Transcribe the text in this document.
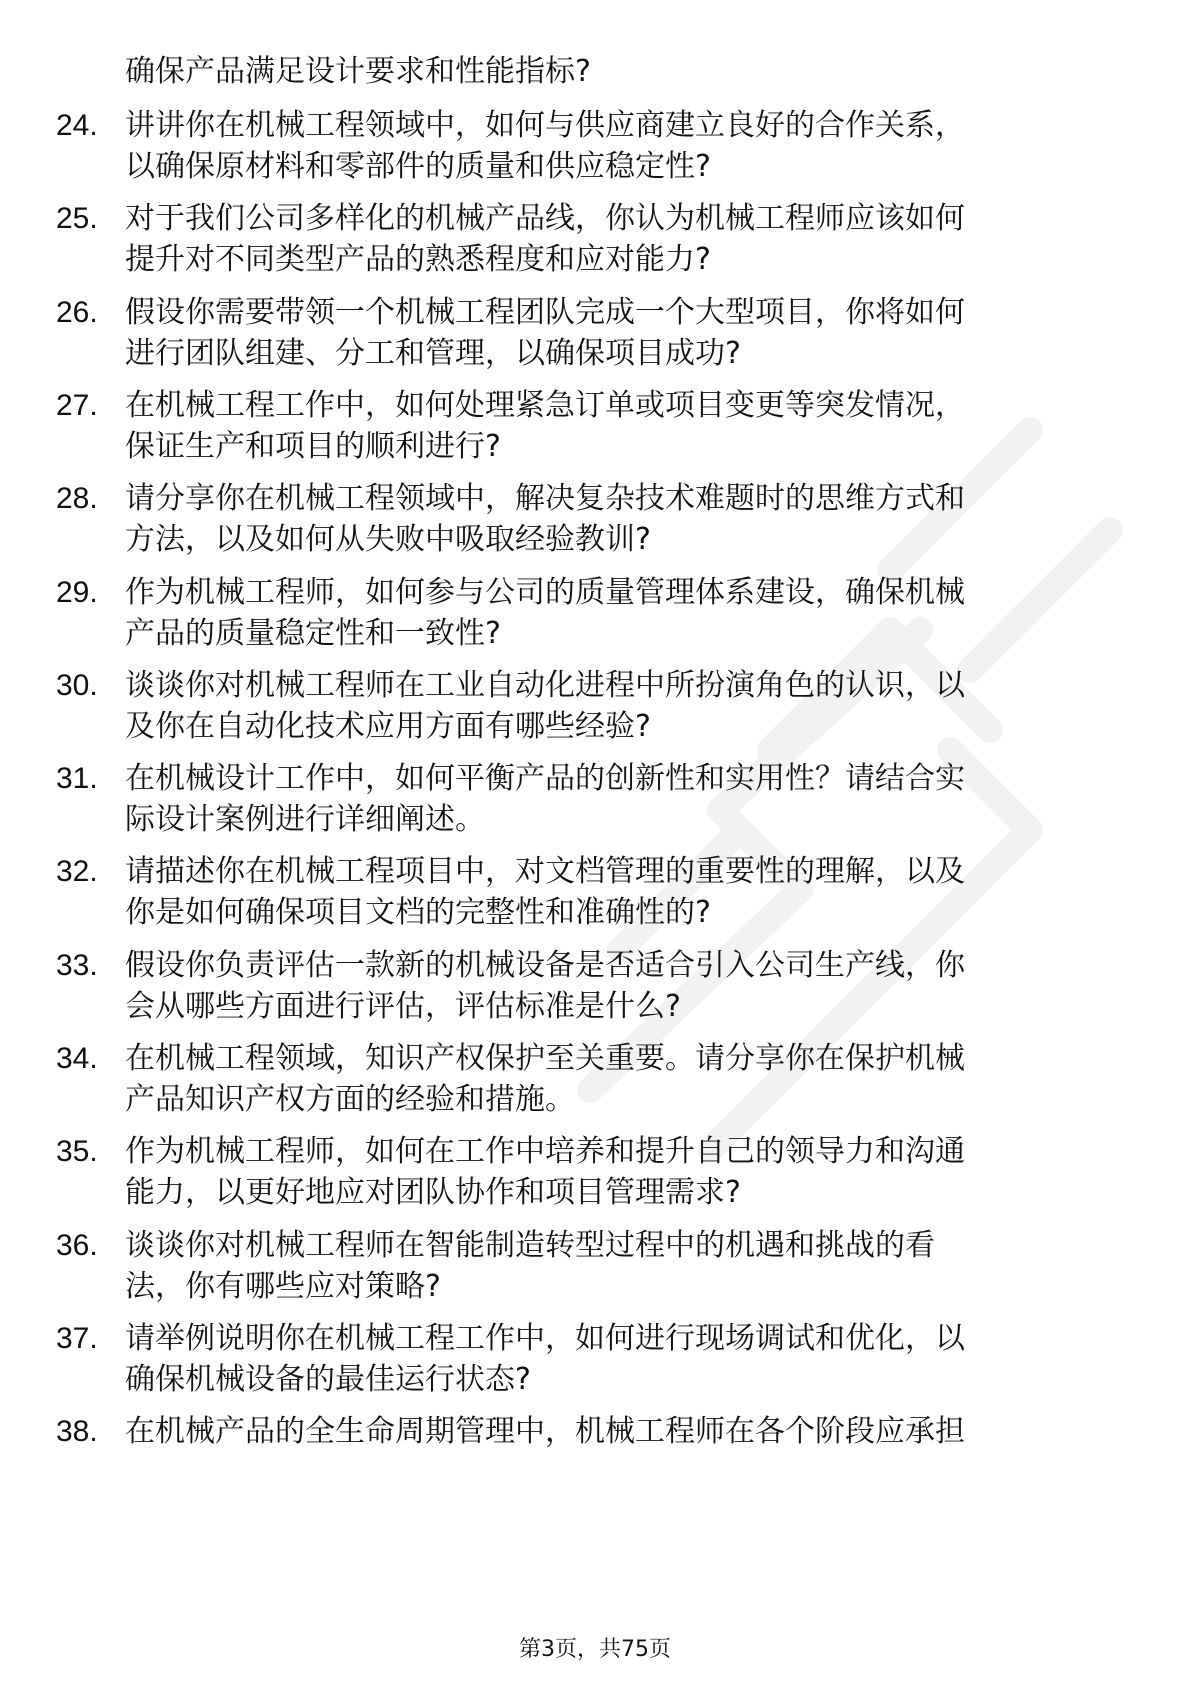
确保产品满足设计要求和性能指标?
24. 讲讲你在机械工程领域中，如何与供应商建立良好的合作关系，
以确保原材料和零部件的质量和供应稳定性?
25. 对于我们公司多样化的机械产品线，你认为机械工程师应该如何
提升对不同类型产品的熟悉程度和应对能力?
26. 假设你需要带领一个机械工程团队完成一个大型项目，你将如何
进行团队组建、分工和管理，以确保项目成功?
27. 在机械工程工作中，如何处理紧急订单或项目变更等突发情况，
保证生产和项目的顺利进行?
28. 请分享你在机械工程领域中，解决复杂技术难题时的思维方式和
方法，以及如何从失败中吸取经验教训?
29. 作为机械工程师，如何参与公司的质量管理体系建设，确保机械
产品的质量稳定性和一致性?
30. 谈谈你对机械工程师在工业自动化进程中所扮演角色的认识，以
及你在自动化技术应用方面有哪些经验?
31. 在机械设计工作中，如何平衡产品的创新性和实用性？请结合实
际设计案例进行详细阐述。
32. 请描述你在机械工程项目中，对文档管理的重要性的理解，以及
你是如何确保项目文档的完整性和准确性的?
33. 假设你负责评估一款新的机械设备是否适合引入公司生产线，你
会从哪些方面进行评估，评估标准是什么?
34. 在机械工程领域，知识产权保护至关重要。请分享你在保护机械
产品知识产权方面的经验和措施。
35. 作为机械工程师，如何在工作中培养和提升自己的领导力和沟通
能力，以更好地应对团队协作和项目管理需求?
36. 谈谈你对机械工程师在智能制造转型过程中的机遇和挑战的看
法，你有哪些应对策略?
37. 请举例说明你在机械工程工作中，如何进行现场调试和优化，以
确保机械设备的最佳运行状态?
38. 在机械产品的全生命周期管理中，机械工程师在各个阶段应承担
第3页，共75页
